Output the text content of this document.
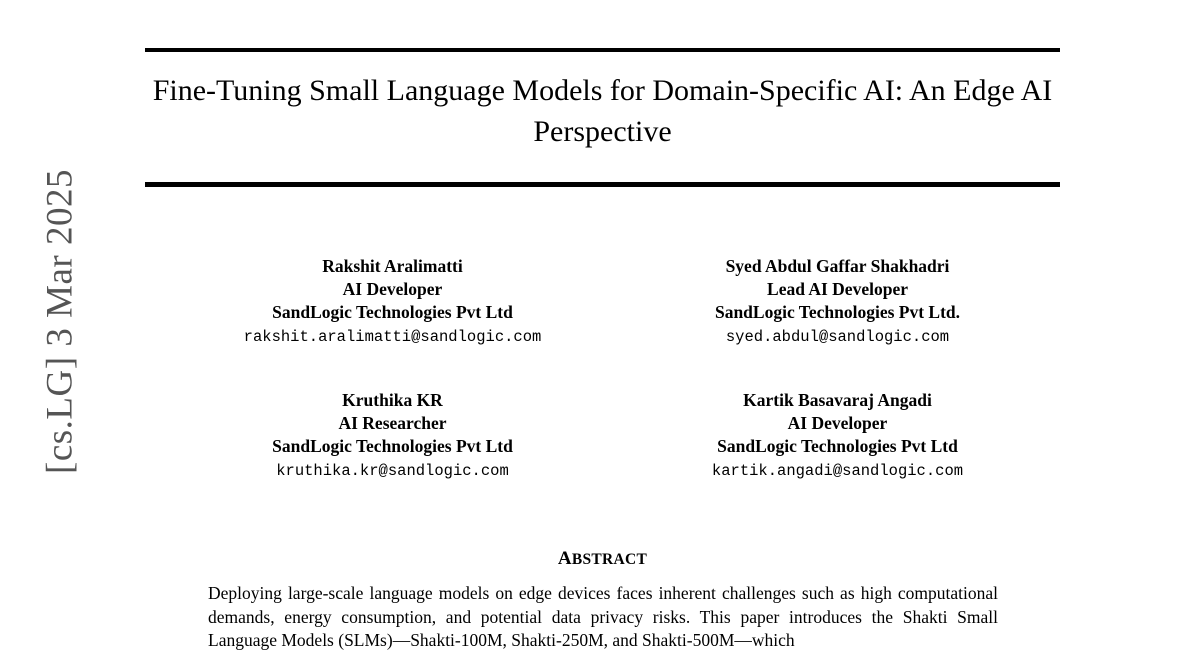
[cs.LG] 3 Mar 2025
Fine-Tuning Small Language Models for Domain-Specific AI: An Edge AI Perspective
Rakshit Aralimatti
AI Developer
SandLogic Technologies Pvt Ltd
rakshit.aralimatti@sandlogic.com
Syed Abdul Gaffar Shakhadri
Lead AI Developer
SandLogic Technologies Pvt Ltd.
syed.abdul@sandlogic.com
Kruthika KR
AI Researcher
SandLogic Technologies Pvt Ltd
kruthika.kr@sandlogic.com
Kartik Basavaraj Angadi
AI Developer
SandLogic Technologies Pvt Ltd
kartik.angadi@sandlogic.com
ABSTRACT
Deploying large-scale language models on edge devices faces inherent challenges such as high computational demands, energy consumption, and potential data privacy risks. This paper introduces the Shakti Small Language Models (SLMs)—Shakti-100M, Shakti-250M, and Shakti-500M—which
